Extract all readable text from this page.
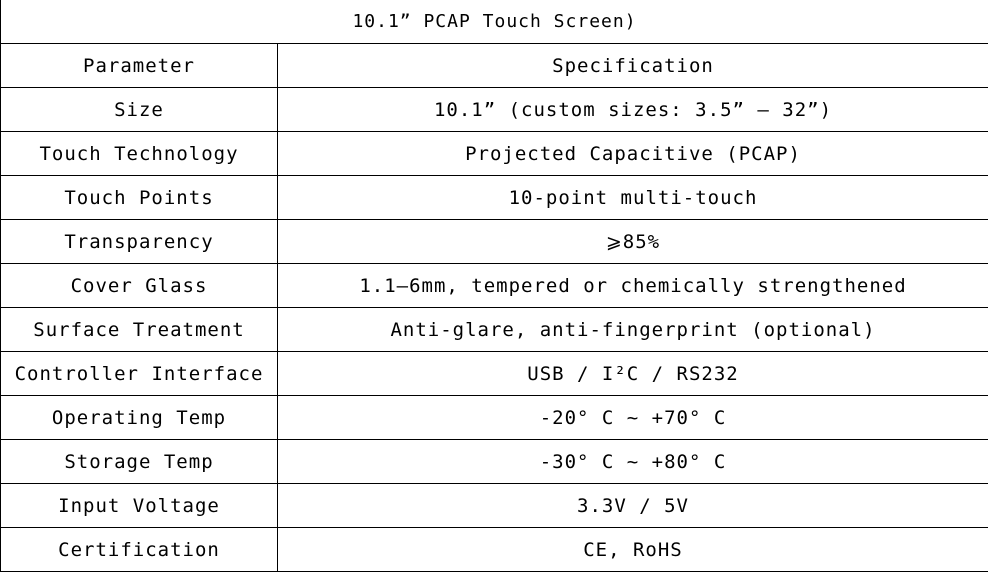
10.1” PCAP Touch Screen)	
Parameter	Specification
Size	10.1” (custom sizes: 3.5” – 32”)
Touch Technology	Projected Capacitive (PCAP)
Touch Points	10-point multi-touch
Transparency	⩾85%
Cover Glass	1.1–6mm, tempered or chemically strengthened
Surface Treatment	Anti-glare, anti-fingerprint (optional)
Controller Interface	USB / I²C / RS232
Operating Temp	-20° C ~ +70° C
Storage Temp	-30° C ~ +80° C
Input Voltage	3.3V / 5V
Certification	CE, RoHS
